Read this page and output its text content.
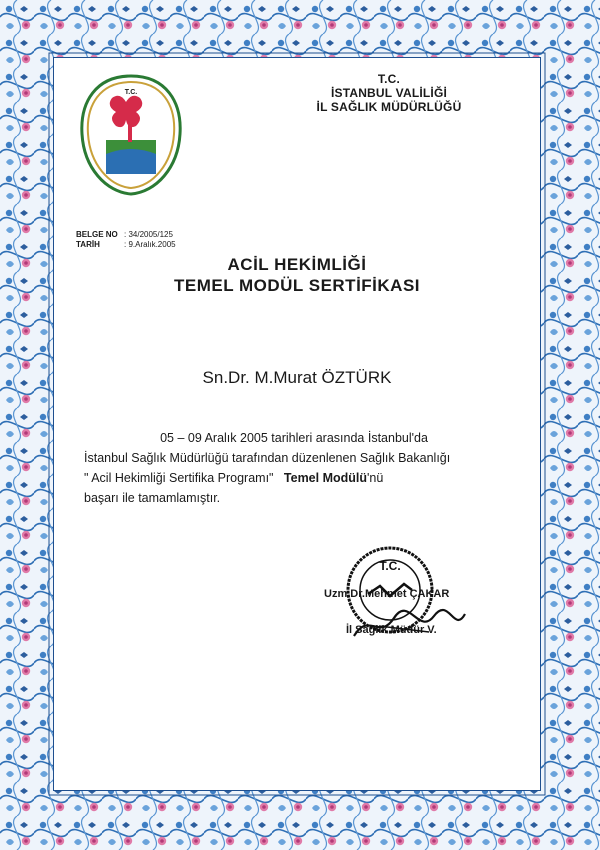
T.C.
T.C.
İSTANBUL VALİLİĞİ
İL SAĞLIK MÜDÜRLÜĞÜ
BELGE NO : 34/2005/125
TARİH	: 9.Aralık.2005
ACİL HEKİMLİĞİ
TEMEL MODÜL SERTİFİKASI
Sn.Dr. M.Murat ÖZTÜRK
05 – 09 Aralık 2005 tarihleri arasında İstanbul'da
İstanbul Sağlık Müdürlüğü tarafından düzenlenen Sağlık Bakanlığı
" Acil Hekimliği Sertifika Programı" Temel Modülü'nü
başarı ile tamamlamıştır.
Uzm.Dr.Mehmet ÇAKAR
İl Sağlık Müdür V.
T.C.
